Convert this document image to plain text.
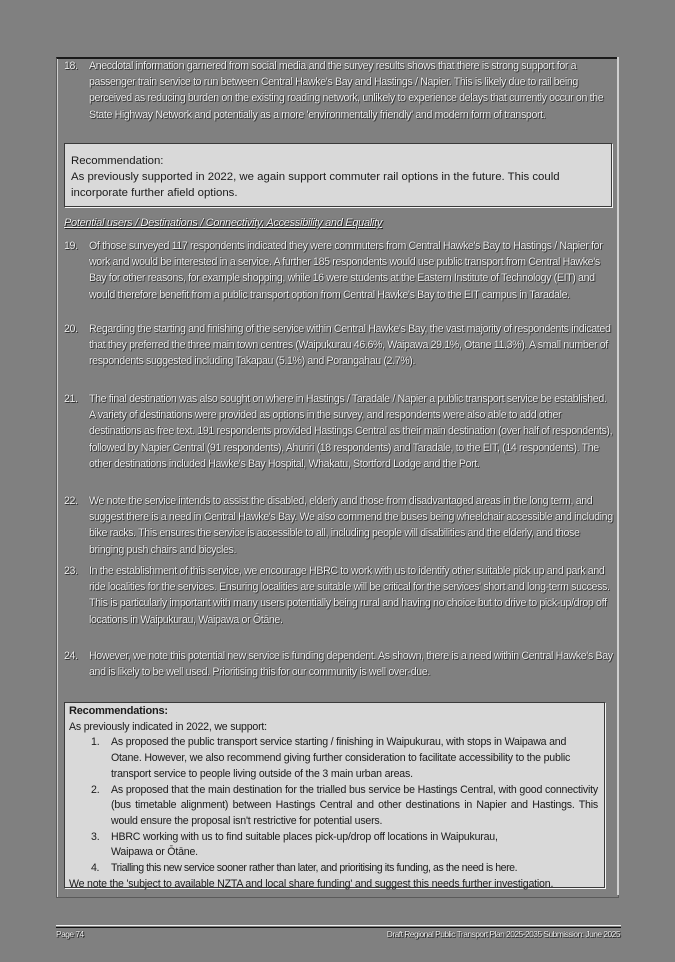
18. Anecdotal information garnered from social media and the survey results shows that there is strong support for a passenger train service to run between Central Hawke's Bay and Hastings / Napier. This is likely due to rail being perceived as reducing burden on the existing roading network, unlikely to experience delays that currently occur on the State Highway Network and potentially as a more 'environmentally friendly' and modern form of transport.
Recommendation:
As previously supported in 2022, we again support commuter rail options in the future. This could incorporate further afield options.
Potential users / Destinations / Connectivity, Accessibility and Equality
19. Of those surveyed 117 respondents indicated they were commuters from Central Hawke's Bay to Hastings / Napier for work and would be interested in a service. A further 185 respondents would use public transport from Central Hawke's Bay for other reasons, for example shopping, while 16 were students at the Eastern Institute of Technology (EIT) and would therefore benefit from a public transport option from Central Hawke's Bay to the EIT campus in Taradale.
20. Regarding the starting and finishing of the service within Central Hawke's Bay, the vast majority of respondents indicated that they preferred the three main town centres (Waipukurau 46.6%, Waipawa 29.1%, Otane 11.3%). A small number of respondents suggested including Takapau (5.1%) and Porangahau (2.7%).
21. The final destination was also sought on where in Hastings / Taradale / Napier a public transport service be established. A variety of destinations were provided as options in the survey, and respondents were also able to add other destinations as free text. 191 respondents provided Hastings Central as their main destination (over half of respondents), followed by Napier Central (91 respondents), Ahuriri (18 respondents) and Taradale, to the EIT, (14 respondents). The other destinations included Hawke's Bay Hospital, Whakatu, Stortford Lodge and the Port.
22. We note the service intends to assist the disabled, elderly and those from disadvantaged areas in the long term, and suggest there is a need in Central Hawke's Bay. We also commend the buses being wheelchair accessible and including bike racks. This ensures the service is accessible to all, including people will disabilities and the elderly, and those bringing push chairs and bicycles.
23. In the establishment of this service, we encourage HBRC to work with us to identify other suitable pick up and park and ride localities for the services. Ensuring localities are suitable will be critical for the services' short and long-term success. This is particularly important with many users potentially being rural and having no choice but to drive to pick-up/drop off locations in Waipukurau, Waipawa or Ōtāne.
24. However, we note this potential new service is funding dependent. As shown, there is a need within Central Hawke's Bay and is likely to be well used. Prioritising this for our community is well over-due.
Recommendations:
As previously indicated in 2022, we support:
1. As proposed the public transport service starting / finishing in Waipukurau, with stops in Waipawa and Otane. However, we also recommend giving further consideration to facilitate accessibility to the public transport service to people living outside of the 3 main urban areas.
2. As proposed that the main destination for the trialled bus service be Hastings Central, with good connectivity (bus timetable alignment) between Hastings Central and other destinations in Napier and Hastings. This would ensure the proposal isn't restrictive for potential users.
3. HBRC working with us to find suitable places pick-up/drop off locations in Waipukurau, Waipawa or Ōtāne.
4. Trialling this new service sooner rather than later, and prioritising its funding, as the need is here.
We note the 'subject to available NZTA and local share funding' and suggest this needs further investigation.
Page 74	Draft Regional Public Transport Plan 2025-2035 Submission: June 2025
